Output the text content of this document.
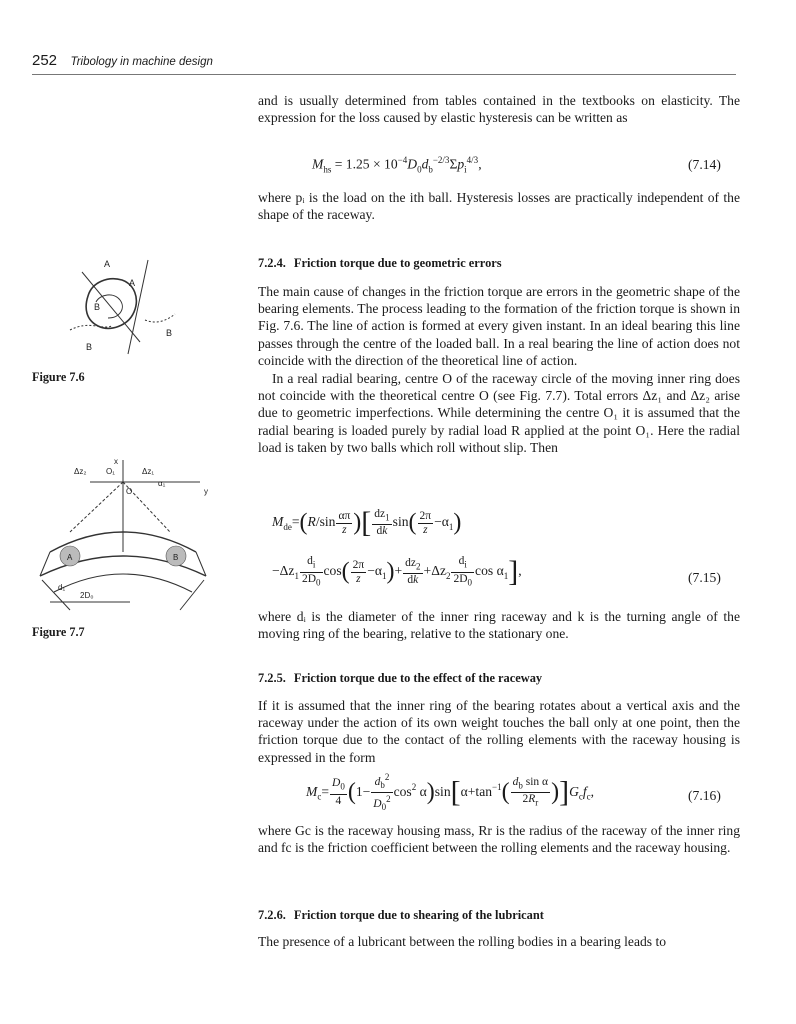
252 Tribology in machine design
and is usually determined from tables contained in the textbooks on elasticity. The expression for the loss caused by elastic hysteresis can be written as
$M_{hs} = 1.25 \times 10^{-4}D_0d_b^{-2/3}\Sigma p_i^{4/3}$,	(7.14)
where pᵢ is the load on the ith ball. Hysteresis losses are practically independent of the shape of the raceway.
7.2.4. Friction torque due to geometric errors
The main cause of changes in the friction torque are errors in the geometric shape of the bearing elements. The process leading to the formation of the friction torque is shown in Fig. 7.6. The line of action is formed at every given instant. In an ideal bearing this line passes through the centre of the loaded ball. In a real bearing the line of action does not coincide with the direction of the theoretical line of action.
In a real radial bearing, centre O of the raceway circle of the moving inner ring does not coincide with the theoretical centre O (see Fig. 7.7). Total errors Δz₁ and Δz₂ arise due to geometric imperfections. While determining the centre O₁ it is assumed that the radial bearing is loaded purely by radial load R applied at the point O₁. Here the radial load is taken by two balls which roll without slip. Then
$M_{de}=(R/\sin \frac{\alpha\pi}{z}$ )[ $\frac{dz_1}{dk} \sin( \frac{2\pi}{z} -\alpha_1)$
$-\Delta z_1 \frac{d_i}{2D_0} \cos( \frac{2\pi}{z} -\alpha_1)+ \frac{dz_2}{dk} +\Delta z_2 \frac{d_i}{2D_0}$ $\cos \alpha_1$],	(7.15)
where dᵢ is the diameter of the inner ring raceway and k is the turning angle of the moving ring of the bearing, relative to the stationary one.
7.2.5. Friction torque due to the effect of the raceway
If it is assumed that the inner ring of the bearing rotates about a vertical axis and the raceway under the action of its own weight touches the ball only at one point, then the friction torque due to the contact of the rolling elements with the raceway housing is expressed in the form
$M_c= \frac{D_0}{4} (1- \frac{d_b^2}{D_0^2} \cos^2 \alpha)\sin[\alpha+\tan^{-1}( \frac{d_b \sin \alpha}{2R_r} )]G_cf_c$,	(7.16)
where Gc is the raceway housing mass, Rr is the radius of the raceway of the inner ring and fc is the friction coefficient between the rolling elements and the raceway housing.
7.2.6. Friction torque due to shearing of the lubricant
The presence of a lubricant between the rolling bodies in a bearing leads to
A
A
B
B
B
Figure 7.6
x
y
O
Δz₂ O₁	Δz₁
α₁
A	B
d₁
2D₀
Figure 7.7
